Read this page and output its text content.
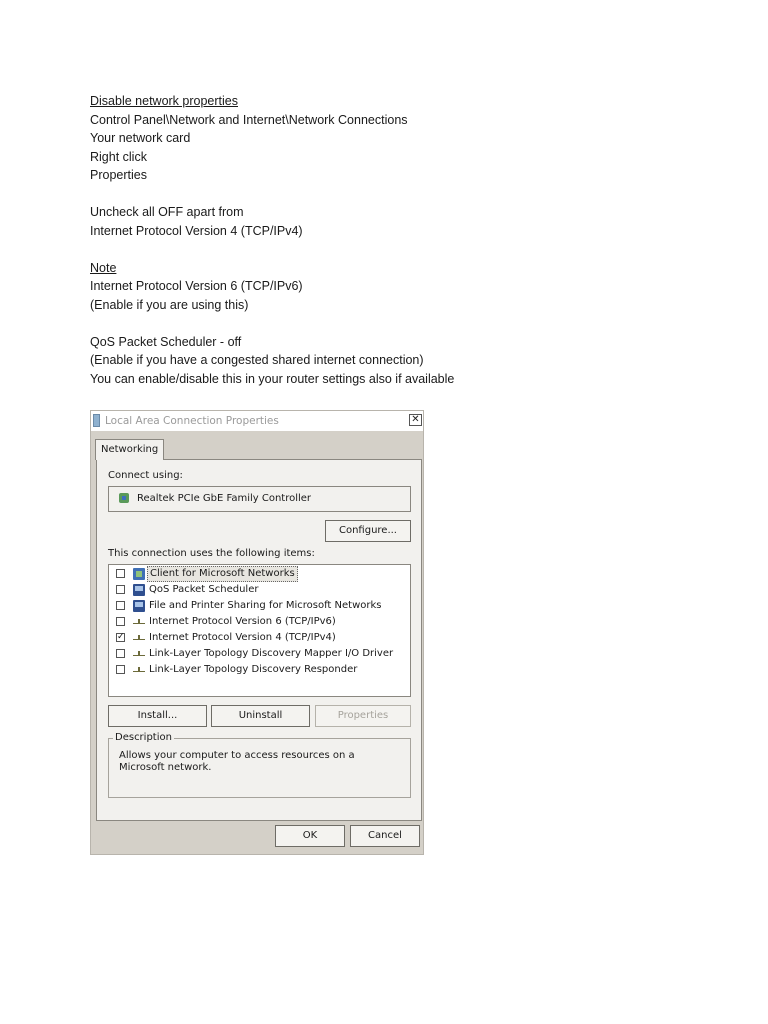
Disable network properties
Control Panel\Network and Internet\Network Connections
Your network card
Right click
Properties
Uncheck all OFF apart from
Internet Protocol Version 4 (TCP/IPv4)
Note
Internet Protocol Version 6 (TCP/IPv6)
(Enable if you are using this)
QoS Packet Scheduler - off
(Enable if you have a congested shared internet connection)
You can enable/disable this in your router settings also if available
Local Area Connection Properties	✕
Networking
Connect using:
Realtek PCIe GbE Family Controller
Configure...
This connection uses the following items:
Client for Microsoft Networks
QoS Packet Scheduler
File and Printer Sharing for Microsoft Networks
Internet Protocol Version 6 (TCP/IPv6)
✓ Internet Protocol Version 4 (TCP/IPv4)
Link-Layer Topology Discovery Mapper I/O Driver
Link-Layer Topology Discovery Responder
Install...	Uninstall	Properties
Description
Allows your computer to access resources on a Microsoft network.
OK	Cancel
